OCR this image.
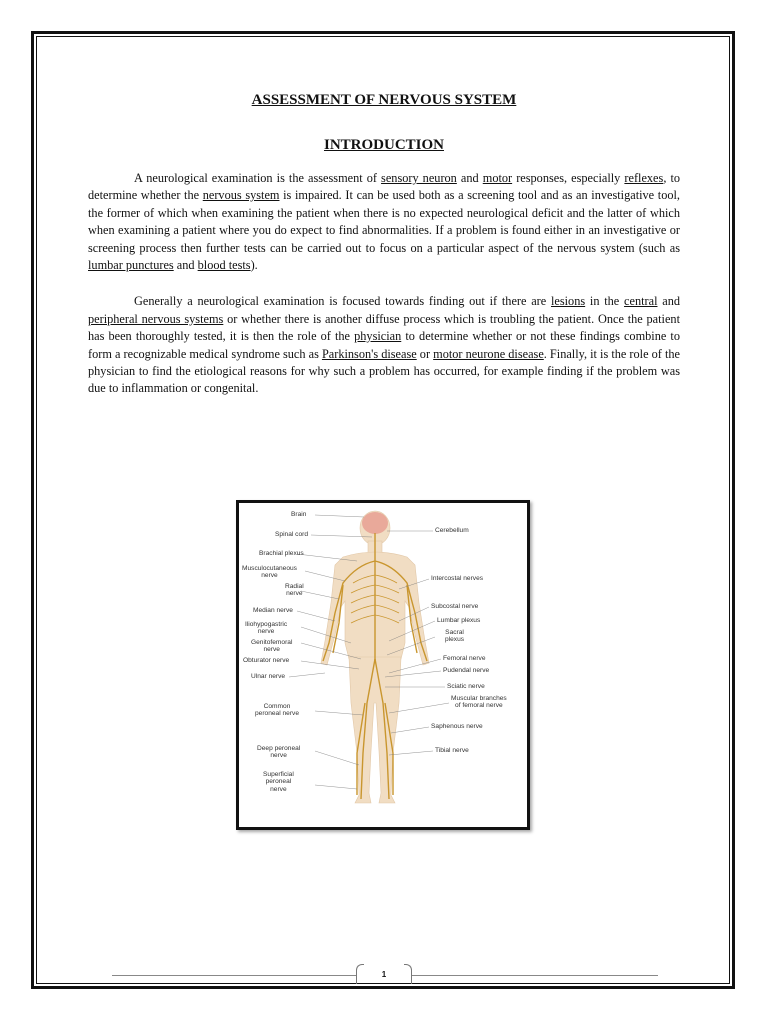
ASSESSMENT OF NERVOUS SYSTEM
INTRODUCTION

A neurological examination is the assessment of sensory neuron and motor responses, especially reflexes, to determine whether the nervous system is impaired. It can be used both as a screening tool and as an investigative tool, the former of which when examining the patient when there is no expected neurological deficit and the latter of which when examining a patient where you do expect to find abnormalities. If a problem is found either in an investigative or screening process then further tests can be carried out to focus on a particular aspect of the nervous system (such as lumbar punctures and blood tests).

Generally a neurological examination is focused towards finding out if there are lesions in the central and peripheral nervous systems or whether there is another diffuse process which is troubling the patient. Once the patient has been thoroughly tested, it is then the role of the physician to determine whether or not these findings combine to form a recognizable medical syndrome such as Parkinson's disease or motor neurone disease. Finally, it is the role of the physician to find the etiological reasons for why such a problem has occurred, for example finding if the problem was due to inflammation or congenital.

Brain
Spinal cord
Brachial plexus
Musculocutaneous
nerve
Radial
nerve
Median nerve
Iliohypogastric
nerve
Genitofemoral
nerve
Obturator nerve
Ulnar nerve
Common
peroneal nerve
Deep peroneal
nerve
Superficial
peroneal
nerve
Cerebellum
Intercostal nerves
Subcostal nerve
Lumbar plexus
Sacral
plexus
Femoral nerve
Pudendal nerve
Sciatic nerve
Muscular branches
of femoral nerve
Saphenous nerve
Tibial nerve
1
